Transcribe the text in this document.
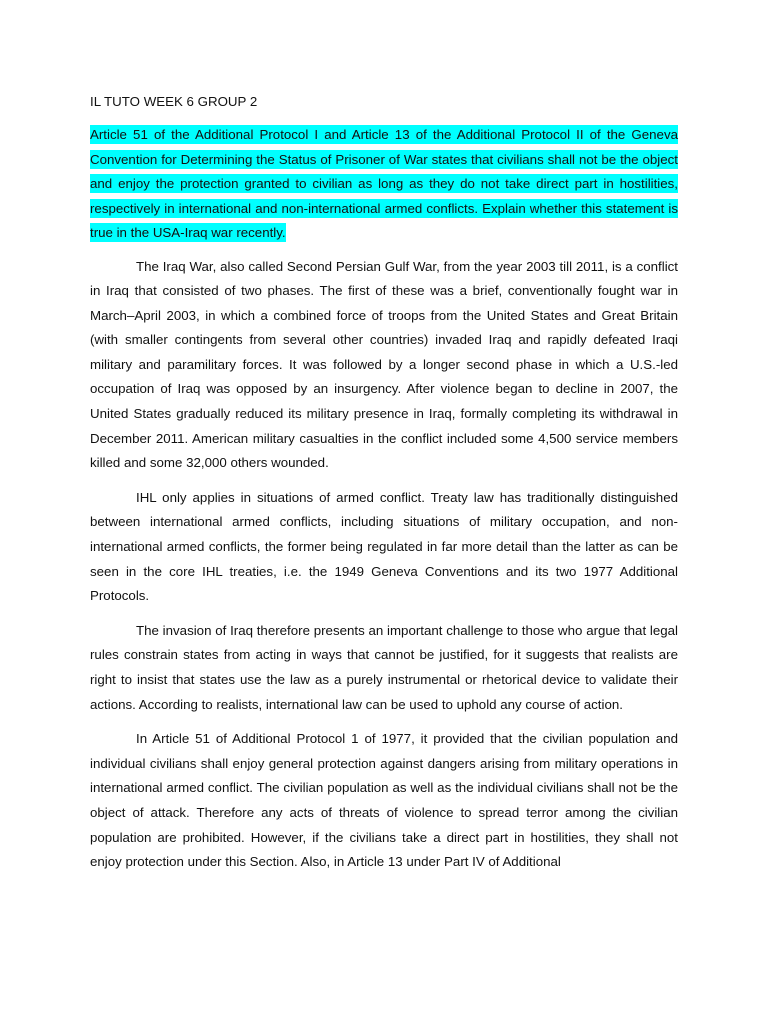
IL TUTO WEEK 6 GROUP 2

Article 51 of the Additional Protocol I and Article 13 of the Additional Protocol II of the Geneva Convention for Determining the Status of Prisoner of War states that civilians shall not be the object and enjoy the protection granted to civilian as long as they do not take direct part in hostilities, respectively in international and non-international armed conflicts. Explain whether this statement is true in the USA-Iraq war recently.

The Iraq War, also called Second Persian Gulf War, from the year 2003 till 2011, is a conflict in Iraq that consisted of two phases. The first of these was a brief, conventionally fought war in March–April 2003, in which a combined force of troops from the United States and Great Britain (with smaller contingents from several other countries) invaded Iraq and rapidly defeated Iraqi military and paramilitary forces. It was followed by a longer second phase in which a U.S.-led occupation of Iraq was opposed by an insurgency. After violence began to decline in 2007, the United States gradually reduced its military presence in Iraq, formally completing its withdrawal in December 2011. American military casualties in the conflict included some 4,500 service members killed and some 32,000 others wounded.

IHL only applies in situations of armed conflict. Treaty law has traditionally distinguished between international armed conflicts, including situations of military occupation, and non-international armed conflicts, the former being regulated in far more detail than the latter as can be seen in the core IHL treaties, i.e. the 1949 Geneva Conventions and its two 1977 Additional Protocols.

The invasion of Iraq therefore presents an important challenge to those who argue that legal rules constrain states from acting in ways that cannot be justified, for it suggests that realists are right to insist that states use the law as a purely instrumental or rhetorical device to validate their actions. According to realists, international law can be used to uphold any course of action.

In Article 51 of Additional Protocol 1 of 1977, it provided that the civilian population and individual civilians shall enjoy general protection against dangers arising from military operations in international armed conflict. The civilian population as well as the individual civilians shall not be the object of attack. Therefore any acts of threats of violence to spread terror among the civilian population are prohibited. However, if the civilians take a direct part in hostilities, they shall not enjoy protection under this Section. Also, in Article 13 under Part IV of Additional
